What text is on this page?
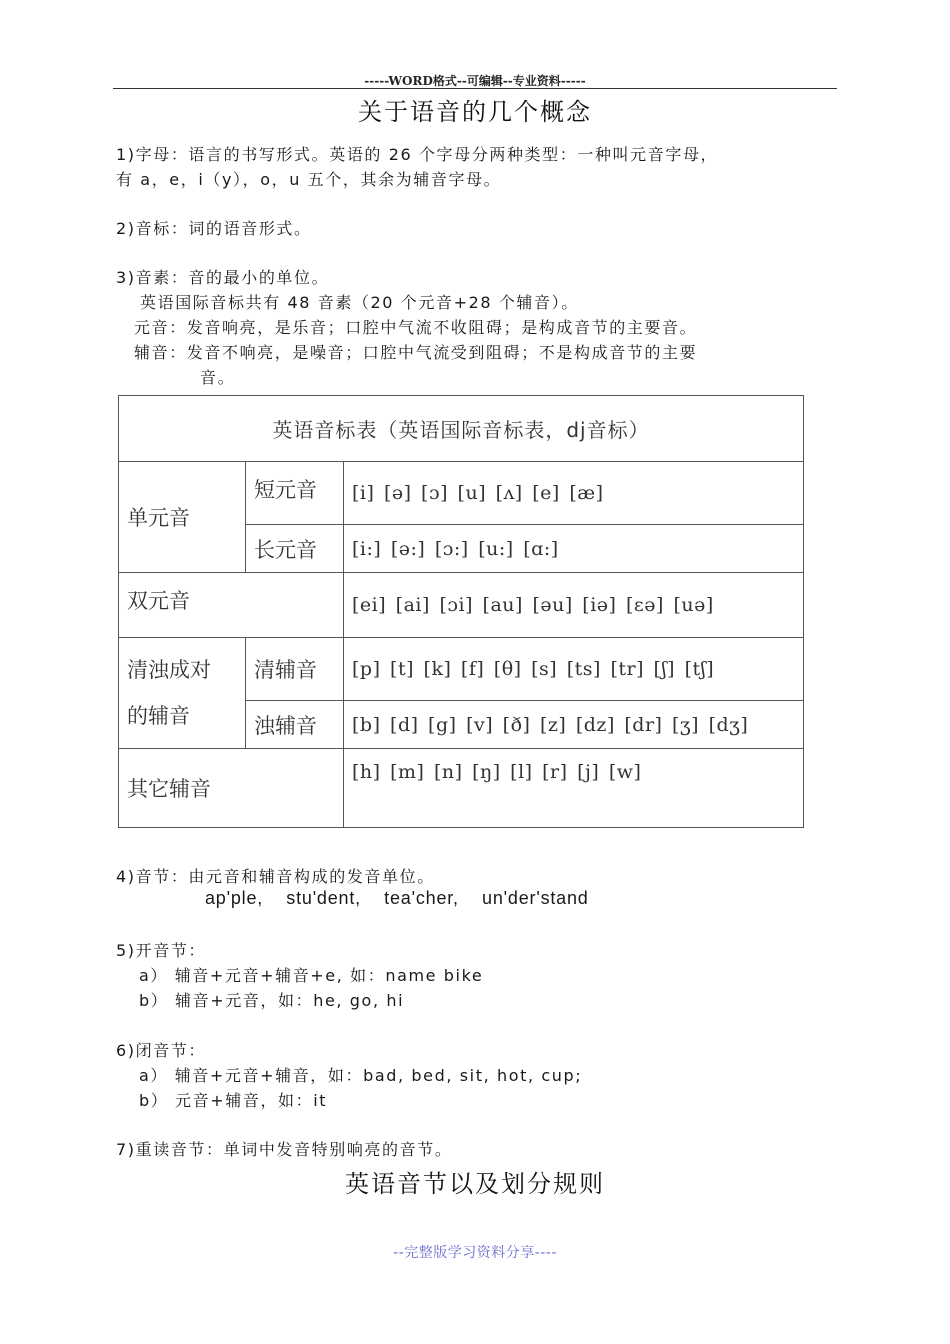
-----WORD格式--可编辑--专业资料-----
关于语音的几个概念
1)字母：语言的书写形式。英语的 26 个字母分两种类型：一种叫元音字母，
有 a，e，i（y），o，u 五个，其余为辅音字母。
2)音标：词的语音形式。
3)音素：音的最小的单位。
英语国际音标共有 48 音素（20 个元音+28 个辅音）。
元音：发音响亮，是乐音；口腔中气流不收阻碍；是构成音节的主要音。
辅音：发音不响亮，是噪音；口腔中气流受到阻碍；不是构成音节的主要
音。
英语音标表（英语国际音标表，dj音标）		
单元音	短元音	[i] [ə] [ɔ] [u] [ʌ] [e] [æ]
	长元音	[i:] [ə:] [ɔ:] [u:] [ɑ:]
双元音		[ei] [ai] [ɔi] [au] [əu] [iə] [ɛə] [uə]

清浊成对
的辅音	清辅音	[p] [t] [k] [f] [θ] [s] [ts] [tr] [ʃ] [tʃ]
	浊辅音	[b] [d] [g] [v] [ð] [z] [dz] [dr] [ʒ] [dʒ]
其它辅音		[h] [m] [n] [ŋ] [l] [r] [j] [w]
4)音节：由元音和辅音构成的发音单位。
ap'ple,    stu'dent,    tea'cher,    un'der'stand
5)开音节：
a） 辅音+元音+辅音+e, 如：name bike
b） 辅音+元音，如：he, go, hi
6)闭音节：
a） 辅音+元音+辅音，如：bad, bed, sit, hot, cup;
b） 元音+辅音，如：it
7)重读音节：单词中发音特别响亮的音节。
英语音节以及划分规则
--完整版学习资料分享----
